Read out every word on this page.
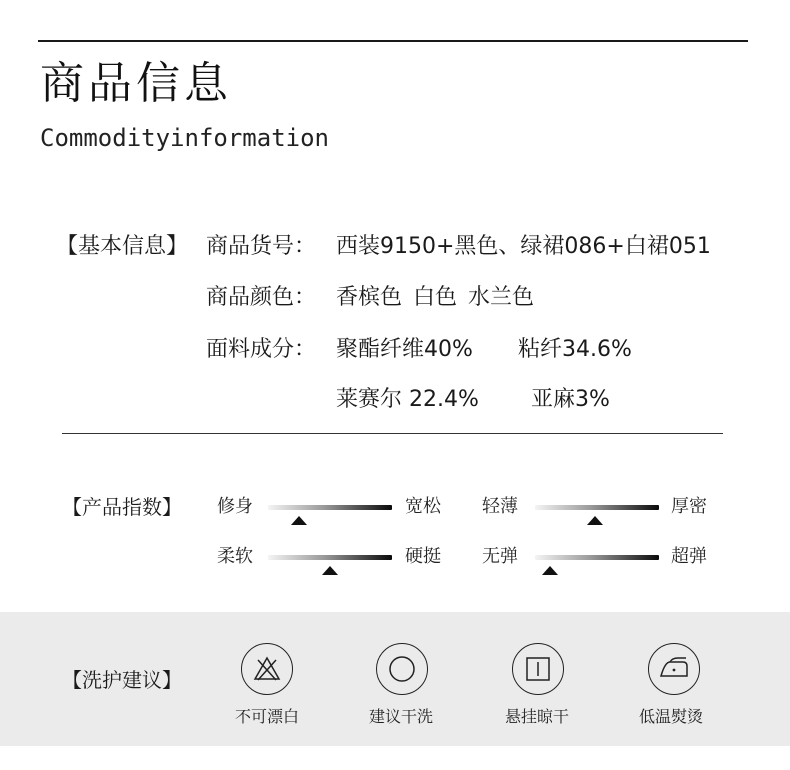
商品信息
Commodityinformation
【基本信息】 商品货号： 西装9150+黑色、绿裙086+白裙051
商品颜色： 香槟色 白色 水兰色
面料成分： 聚酯纤维40% 粘纤34.6%
莱赛尔 22.4% 亚麻3%
【产品指数】 修身	宽松 轻薄	厚密
柔软	硬挺 无弹	超弹
【洗护建议】
不可漂白	建议干洗	悬挂晾干	低温熨烫
